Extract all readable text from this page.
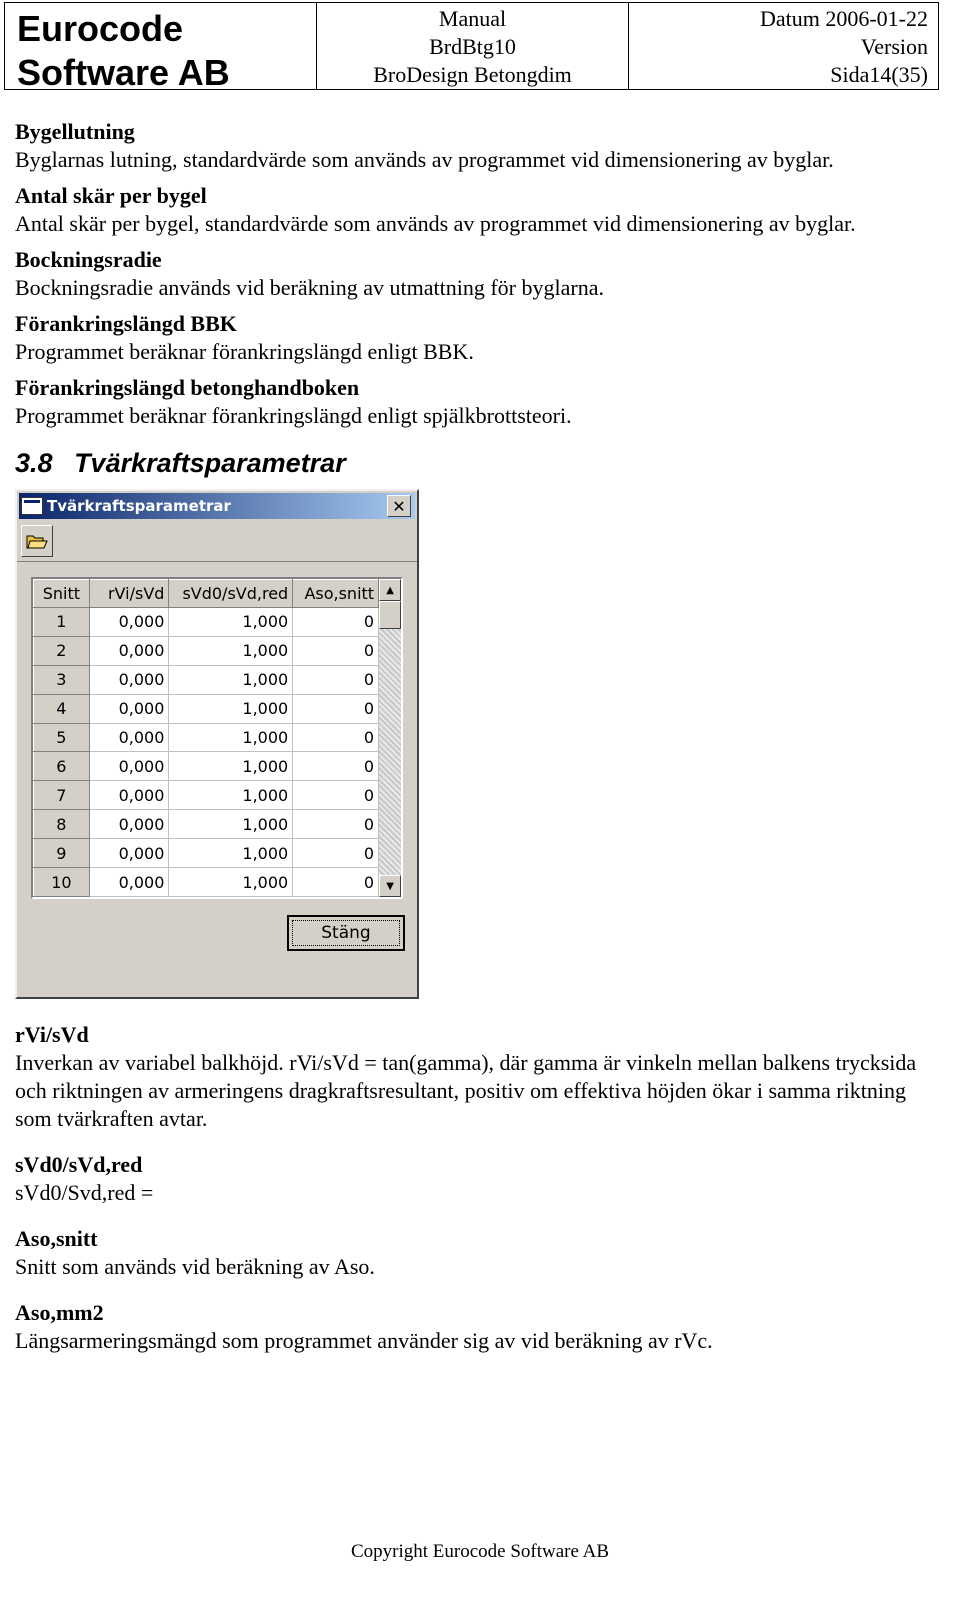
Eurocode
Software AB
Manual
BrdBtg10
BroDesign Betongdim
Datum 2006-01-22
Version
Sida14(35)

Bygellutning

Byglarnas lutning, standardvärde som används av programmet vid dimensionering av byglar.

Antal skär per bygel

Antal skär per bygel, standardvärde som används av programmet vid dimensionering av byglar.

Bockningsradie

Bockningsradie används vid beräkning av utmattning för byglarna.

Förankringslängd BBK

Programmet beräknar förankringslängd enligt BBK.

Förankringslängd betonghandboken

Programmet beräknar förankringslängd enligt spjälkbrottsteori.

3.8 Tvärkraftsparametrar
Tvärkraftsparametrar	✕
Snitt	rVi/sVd	sVd0/sVd,red	Aso,snitt
1	0,000	1,000	0
2	0,000	1,000	0
3	0,000	1,000	0
4	0,000	1,000	0
5	0,000	1,000	0
6	0,000	1,000	0
7	0,000	1,000	0
8	0,000	1,000	0
9	0,000	1,000	0
10	0,000	1,000	0
▲
▼
Stäng

rVi/sVd

Inverkan av variabel balkhöjd. rVi/sVd = tan(gamma), där gamma är vinkeln mellan balkens trycksida och riktningen av armeringens dragkraftsresultant, positiv om effektiva höjden ökar i samma riktning som tvärkraften avtar.

sVd0/sVd,red

sVd0/Svd,red =

Aso,snitt

Snitt som används vid beräkning av Aso.

Aso,mm2

Längsarmeringsmängd som programmet använder sig av vid beräkning av rVc.

Copyright Eurocode Software AB
